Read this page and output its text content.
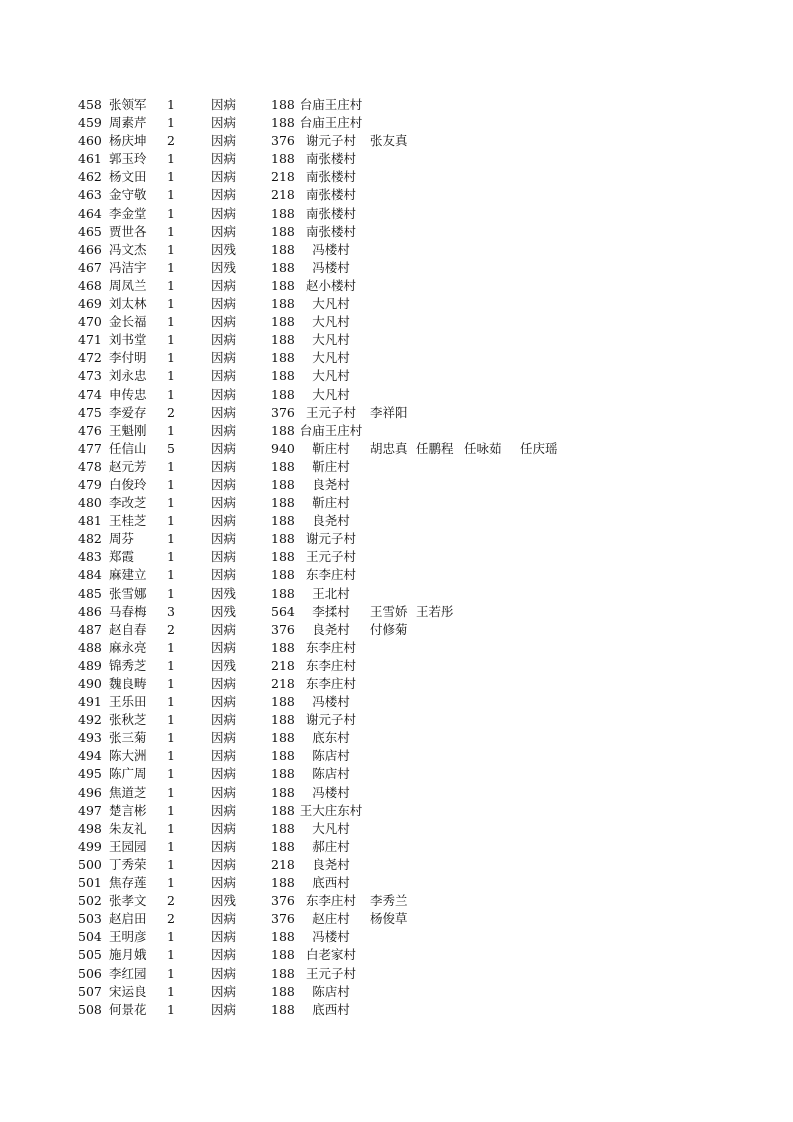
458 张领军	1	因病	188 台庙王庄村
459 周素芹	1	因病	188 台庙王庄村
460 杨庆坤	2	因病	376 谢元子村	张友真
461 郭玉玲	1	因病	188 南张楼村
462 杨文田	1	因病	218 南张楼村
463 金守敬	1	因病	218 南张楼村
464 李金堂	1	因病	188 南张楼村
465 贾世各	1	因病	188 南张楼村
466 冯文杰	1	因残	188	冯楼村
467 冯洁宇	1	因残	188	冯楼村
468 周凤兰	1	因病	188 赵小楼村
469 刘太林	1	因病	188	大凡村
470 金长福	1	因病	188	大凡村
471 刘书堂	1	因病	188	大凡村
472 李付明	1	因病	188	大凡村
473 刘永忠	1	因病	188	大凡村
474 申传忠	1	因病	188	大凡村
475 李爱存	2	因病	376 王元子村	李祥阳
476 王魁刚	1	因病	188 台庙王庄村
477 任信山	5	因病	940	靳庄村	胡忠真 任鹏程 任咏茹 任庆瑶
478 赵元芳	1	因病	188	靳庄村
479 白俊玲	1	因病	188	良尧村
480 李改芝	1	因病	188	靳庄村
481 王桂芝	1	因病	188	良尧村
482 周芬	1	因病	188 谢元子村
483 郑霞	1	因病	188 王元子村
484 麻建立	1	因病	188 东李庄村
485 张雪娜	1	因残	188	王北村
486 马春梅	3	因残	564	李揉村	王雪娇 王若彤
487 赵自春	2	因病	376	良尧村	付修菊
488 麻永亮	1	因病	188 东李庄村
489 锦秀芝	1	因残	218 东李庄村
490 魏良畴	1	因病	218 东李庄村
491 王乐田	1	因病	188	冯楼村
492 张秋芝	1	因病	188 谢元子村
493 张三菊	1	因病	188	底东村
494 陈大洲	1	因病	188	陈店村
495 陈广周	1	因病	188	陈店村
496 焦道芝	1	因病	188	冯楼村
497 楚言彬	1	因病	188 王大庄东村
498 朱友礼	1	因病	188	大凡村
499 王园园	1	因病	188	郝庄村
500 丁秀荣	1	因病	218	良尧村
501 焦存莲	1	因病	188	底西村
502 张孝文	2	因残	376 东李庄村	李秀兰
503 赵启田	2	因病	376	赵庄村	杨俊草
504 王明彦	1	因病	188	冯楼村
505 施月娥	1	因病	188 白老家村
506 李红园	1	因病	188 王元子村
507 宋运良	1	因病	188	陈店村
508 何景花	1	因病	188	底西村
